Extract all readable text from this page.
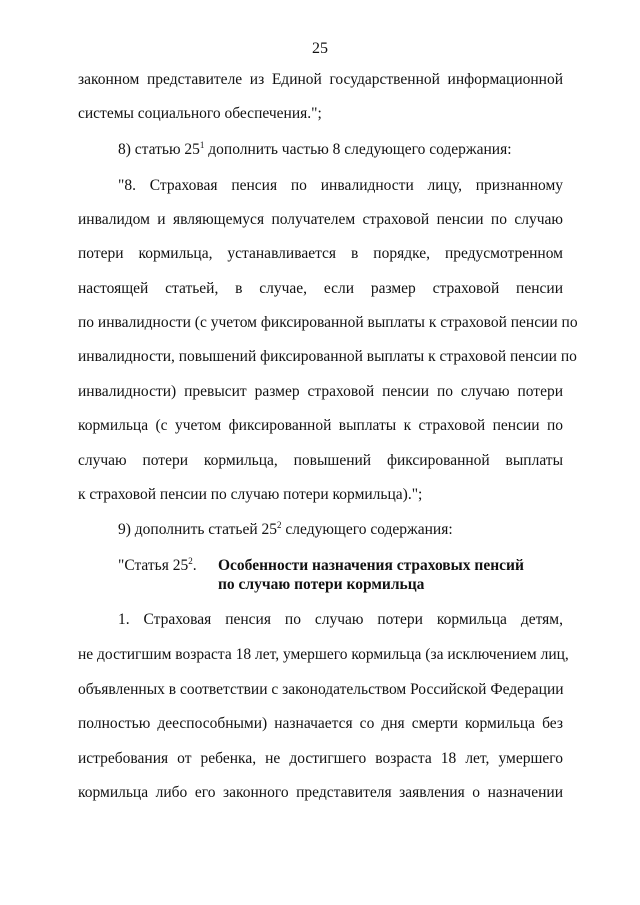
25
законном представителе из Единой государственной информационной
системы социального обеспечения.";
8) статью $25^1$ дополнить частью 8 следующего содержания:
"8. Страховая пенсия по инвалидности лицу, признанному
инвалидом и являющемуся получателем страховой пенсии по случаю
потери кормильца, устанавливается в порядке, предусмотренном
настоящей статьей, в случае, если размер страховой пенсии
по инвалидности (с учетом фиксированной выплаты к страховой пенсии по
инвалидности, повышений фиксированной выплаты к страховой пенсии по
инвалидности) превысит размер страховой пенсии по случаю потери
кормильца (с учетом фиксированной выплаты к страховой пенсии по
случаю потери кормильца, повышений фиксированной выплаты
к страховой пенсии по случаю потери кормильца).";
9) дополнить статьей $25^2$ следующего содержания:
"Статья $25^2$.	Особенности назначения страховых пенсий
по случаю потери кормильца
1. Страховая пенсия по случаю потери кормильца детям,
не достигшим возраста 18 лет, умершего кормильца (за исключением лиц,
объявленных в соответствии с законодательством Российской Федерации
полностью дееспособными) назначается со дня смерти кормильца без
истребования от ребенка, не достигшего возраста 18 лет, умершего
кормильца либо его законного представителя заявления о назначении
